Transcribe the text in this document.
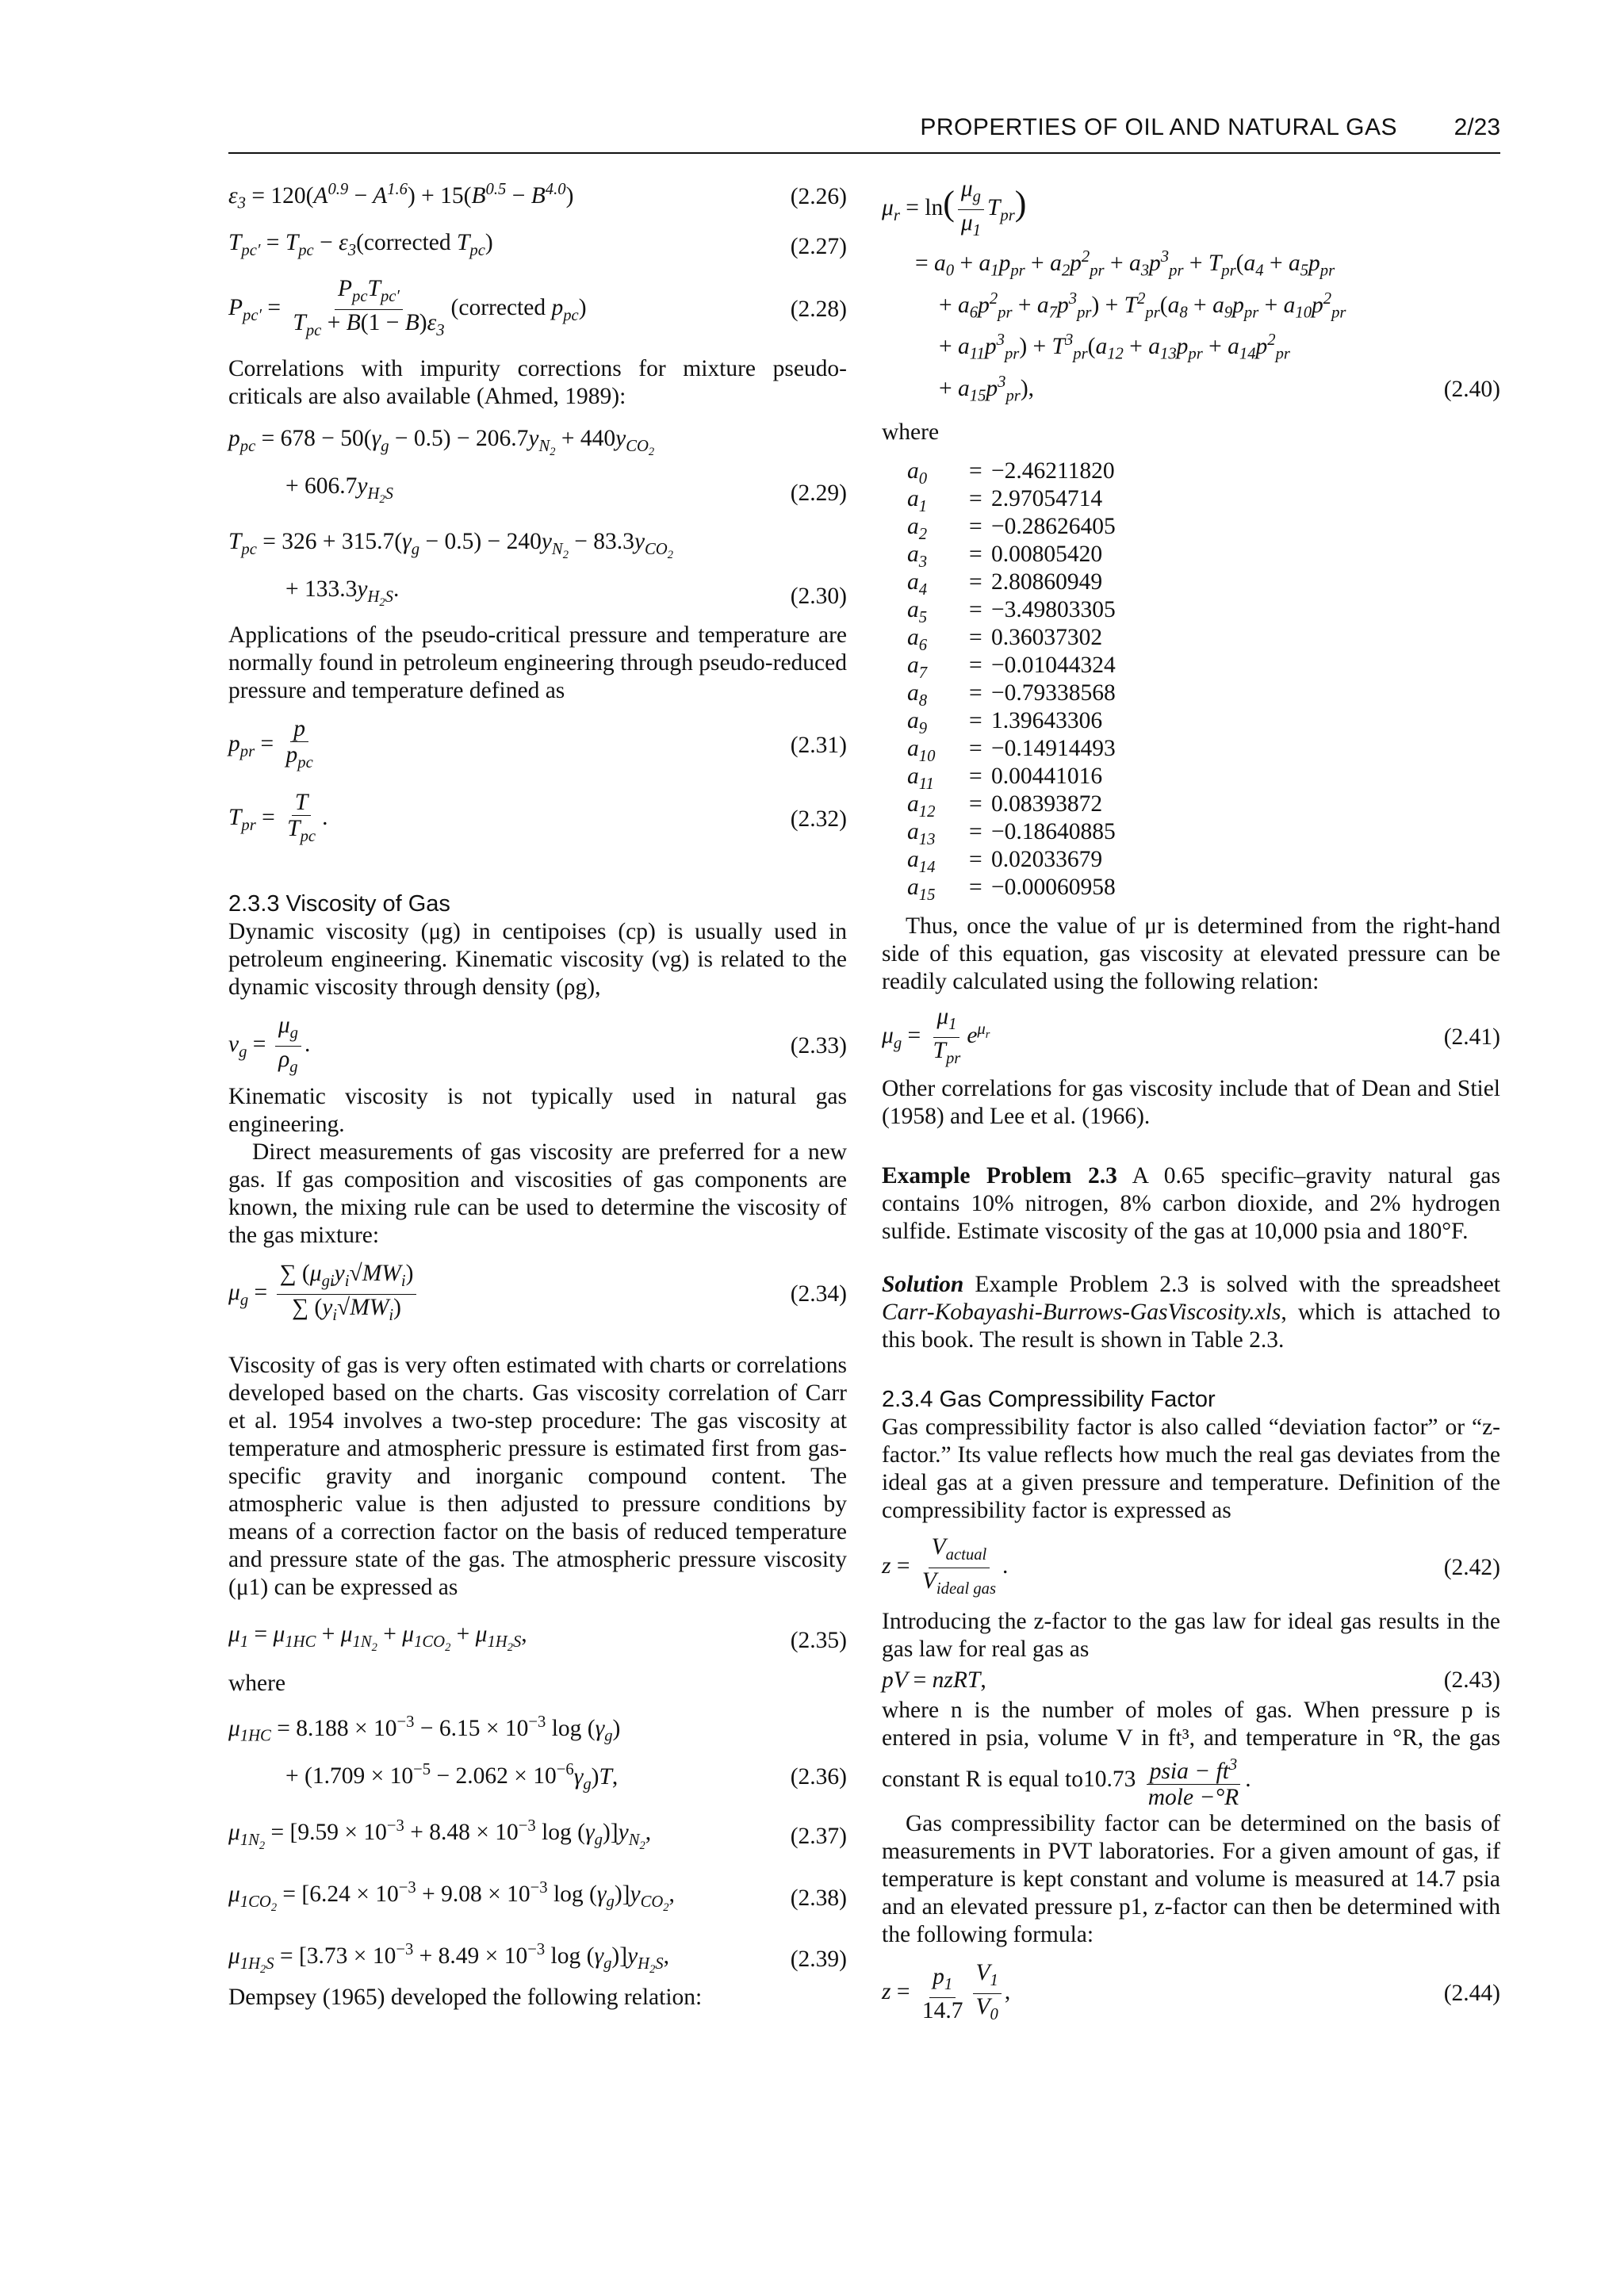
PROPERTIES OF OIL AND NATURAL GAS 2/23
$\varepsilon_3 = 120(A^{0.9} - A^{1.6}) + 15(B^{0.5} - B^{4.0})$	(2.26)
$T_{pc'} = T_{pc}$ − $\varepsilon_3(corrected$ $T_{pc}$)	(2.27)
$P_{pc'} = \frac{P_{pc}T_{pc'}}{T_{pc} + B(1 - B)\varepsilon_3}$ (corrected $p_{pc}$)	(2.28)

Correlations with impurity corrections for mixture pseudo-criticals are also available (Ahmed, 1989):

$p_{pc} = 678 - 50(\gamma_g - 0.5) - 206.7y_{N_2} + 440y_{CO_2}$
+ $606.7y_{H_2S}$	(2.29)
$T_{pc} = 326 + 315.7(\gamma_g - 0.5) - 240y_{N_2} - 83.3y_{CO_2}$
+ $133.3y_{H_2S}$.	(2.30)

Applications of the pseudo-critical pressure and temperature are normally found in petroleum engineering through pseudo-reduced pressure and temperature defined as

$p_{pr} = \frac{p}{p_{pc}}$	(2.31)
$T_{pr} = \frac{T}{T_{pc}}$ .	(2.32)

2.3.3 Viscosity of Gas

Dynamic viscosity (μg) in centipoises (cp) is usually used in petroleum engineering. Kinematic viscosity (νg) is related to the dynamic viscosity through density (ρg),

$\nu_g = \frac{\mu_g}{\rho_g}$ .	(2.33)

Kinematic viscosity is not typically used in natural gas engineering.

Direct measurements of gas viscosity are preferred for a new gas. If gas composition and viscosities of gas components are known, the mixing rule can be used to determine the viscosity of the gas mixture:

$\mu_g = \frac{\sum (\mu_{gi}y_i√MW_i)}{\sum (y_i√MW_i)}$	(2.34)

Viscosity of gas is very often estimated with charts or correlations developed based on the charts. Gas viscosity correlation of Carr et al. 1954 involves a two-step procedure: The gas viscosity at temperature and atmospheric pressure is estimated first from gas-specific gravity and inorganic compound content. The atmospheric value is then adjusted to pressure conditions by means of a correction factor on the basis of reduced temperature and pressure state of the gas. The atmospheric pressure viscosity (μ1) can be expressed as

$\mu_1 = \mu_{1HC} + \mu_{1N_2} + \mu_{1CO_2} + \mu_{1H_2S}$,	(2.35)

where

$\mu_{1HC} = 8.188 \times 10^{-3} - 6.15 \times 10^{-3}$ $\log (\gamma_g)$
+ $(1.709 \times 10^{-5} - 2.062 \times 10^{-6}\gamma_g)T$,	(2.36)
$\mu_{1N_2} = [9.59 \times 10^{-3} + 8.48 \times 10^{-3}$ $\log (\gamma_g)]y_{N_2}$,	(2.37)
$\mu_{1CO_2} = [6.24 \times 10^{-3} + 9.08 \times 10^{-3}$ $\log (\gamma_g)]y_{CO_2}$,	(2.38)
$\mu_{1H_2S} = [3.73 \times 10^{-3} + 8.49 \times 10^{-3}$ $\log (\gamma_g)]y_{H_2S}$,	(2.39)

Dempsey (1965) developed the following relation:

$\mu_r = \ln( \frac{\mu_g}{\mu_1} T_{pr})$
= $a_0 + a_1p_{pr} + a_2p^2_{pr} + a_3p^3_{pr} + T_{pr}(a_4 + a_5p_{pr}$
+ $a_6p^2_{pr} + a_7p^3_{pr}) + T^2_{pr}(a_8 + a_9p_{pr} + a_{10}p^2_{pr}$
+ $a_{11}p^3_{pr}) + T^3_{pr}(a_{12} + a_{13}p_{pr} + a_{14}p^2_{pr}$
+ $a_{15}p^3_{pr}$),	(2.40)

where

$a_0$	= −2.46211820
$a_1$	= 2.97054714
$a_2$	= −0.28626405
$a_3$	= 0.00805420
$a_4$	= 2.80860949
$a_5$	= −3.49803305
$a_6$	= 0.36037302
$a_7$	= −0.01044324
$a_8$	= −0.79338568
$a_9$	= 1.39643306
$a_{10}$	= −0.14914493
$a_{11}$	= 0.00441016
$a_{12}$	= 0.08393872
$a_{13}$	= −0.18640885
$a_{14}$	= 0.02033679
$a_{15}$	= −0.00060958

Thus, once the value of μr is determined from the right-hand side of this equation, gas viscosity at elevated pressure can be readily calculated using the following relation:

$\mu_g = \frac{\mu_1}{T_{pr}} e^{\mu_r}$	(2.41)

Other correlations for gas viscosity include that of Dean and Stiel (1958) and Lee et al. (1966).

Example Problem 2.3 A 0.65 specific–gravity natural gas contains 10% nitrogen, 8% carbon dioxide, and 2% hydrogen sulfide. Estimate viscosity of the gas at 10,000 psia and 180°F.

Solution Example Problem 2.3 is solved with the spreadsheet Carr-Kobayashi-Burrows-GasViscosity.xls, which is attached to this book. The result is shown in Table 2.3.

2.3.4 Gas Compressibility Factor

Gas compressibility factor is also called “deviation factor” or “z-factor.” Its value reflects how much the real gas deviates from the ideal gas at a given pressure and temperature. Definition of the compressibility factor is expressed as

$z = \frac{V_{actual}}{V_{ideal gas}}$ .	(2.42)

Introducing the z-factor to the gas law for ideal gas results in the gas law for real gas as

pV = nzRT,	(2.43)

where n is the number of moles of gas. When pressure p is entered in psia, volume V in ft³, and temperature in °R, the gas constant R is equal $to10.73 \frac{psia - ft^3}{\text{mole −°R}}$ .

Gas compressibility factor can be determined on the basis of measurements in PVT laboratories. For a given amount of gas, if temperature is kept constant and volume is measured at 14.7 psia and an elevated pressure p1, z-factor can then be determined with the following formula:

$z = \frac{p_1}{14.7} \frac{V_1}{V_0}$ ,	(2.44)
